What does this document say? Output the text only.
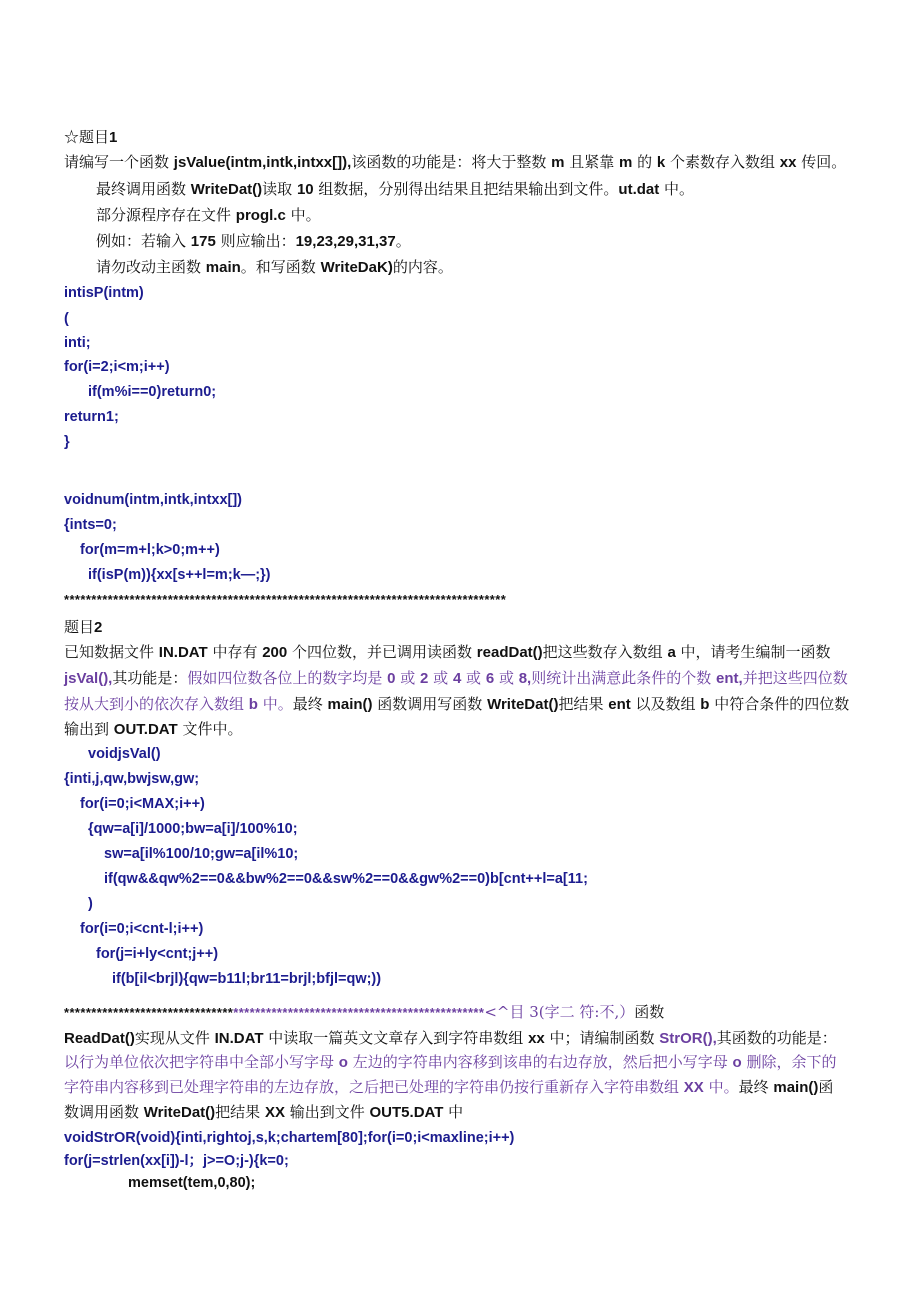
☆题目1
请编写一个函数 jsValue(intm,intk,intxx[]),该函数的功能是：将大于整数 m 且紧靠 m 的 k 个素数存入数组 xx 传回。
最终调用函数 WriteDat()读取 10 组数据，分别得出结果且把结果输出到文件。ut.dat 中。
部分源程序存在文件 progl.c 中。
例如：若输入 175 则应输出：19,23,29,31,37。
请勿改动主函数 main。和写函数 WriteDaK)的内容。
intisP(intm)
(
inti;
for(i=2;i<m;i++)
if(m%i==0)return0;
return1;
}
voidnum(intm,intk,intxx[])
{ints=0;
for(m=m+l;k>0;m++)
if(isP(m)){xx[s++l=m;k—;})
*********************************************************************************
题目2
已知数据文件 IN.DAT 中存有 200 个四位数，并已调用读函数 readDat()把这些数存入数组 a 中，请考生编制一函数
jsVal(),其功能是：假如四位数各位上的数字均是 0 或 2 或 4 或 6 或 8,则统计出满意此条件的个数 ent,并把这些四位数
按从大到小的依次存入数组 b 中。最终 main() 函数调用写函数 WriteDat()把结果 ent 以及数组 b 中符合条件的四位数
输出到 OUT.DAT 文件中。
voidjsVal()
{inti,j,qw,bwjsw,gw;
for(i=0;i<MAX;i++)
{qw=a[i]/1000;bw=a[i]/100%10;
sw=a[il%100/10;gw=a[il%10;
if(qw&&qw%2==0&&bw%2==0&&sw%2==0&&gw%2==0)b[cnt++l=a[11;
)
for(i=0;i<cnt-l;i++)
for(j=i+ly<cnt;j++)
if(b[il<brjl){qw=b11l;br11=brjl;bfjl=qw;))
*****************************************************************************<^目 3(字二 符:不,）函数
ReadDat()实现从文件 IN.DAT 中读取一篇英文文章存入到字符串数组 xx 中；请编制函数 StrOR(),其函数的功能是：
以行为单位依次把字符串中全部小写字母 o 左边的字符串内容移到该串的右边存放，然后把小写字母 o 删除，余下的
字符串内容移到已处理字符串的左边存放，之后把已处理的字符串仍按行重新存入字符串数组 XX 中。最终 main()函
数调用函数 WriteDat()把结果 XX 输出到文件 OUT5.DAT 中
voidStrOR(void){inti,rightoj,s,k;chartem[80];for(i=0;i<maxline;i++)
for(j=strlen(xx[i])-l；j>=O;j-){k=0;
memset(tem,0,80);
